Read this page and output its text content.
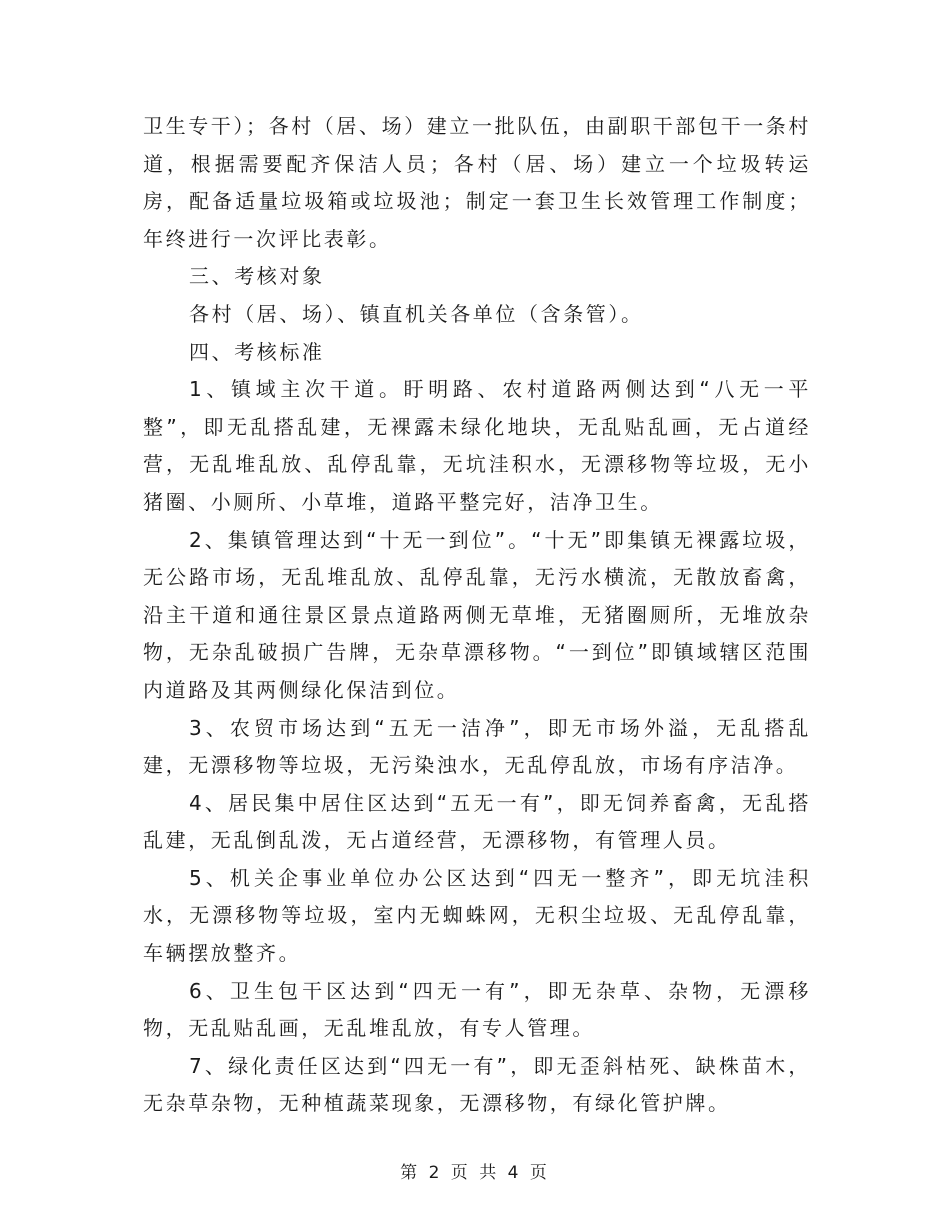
卫生专干）；各村（居、场）建立一批队伍，由副职干部包干一条村道，根据需要配齐保洁人员；各村（居、场）建立一个垃圾转运房，配备适量垃圾箱或垃圾池；制定一套卫生长效管理工作制度；年终进行一次评比表彰。

三、考核对象

各村（居、场）、镇直机关各单位（含条管）。

四、考核标准

1、镇域主次干道。盱明路、农村道路两侧达到“八无一平整”，即无乱搭乱建，无裸露未绿化地块，无乱贴乱画，无占道经营，无乱堆乱放、乱停乱靠，无坑洼积水，无漂移物等垃圾，无小猪圈、小厕所、小草堆，道路平整完好，洁净卫生。

2、集镇管理达到“十无一到位”。“十无”即集镇无裸露垃圾，无公路市场，无乱堆乱放、乱停乱靠，无污水横流，无散放畜禽，沿主干道和通往景区景点道路两侧无草堆，无猪圈厕所，无堆放杂物，无杂乱破损广告牌，无杂草漂移物。“一到位”即镇域辖区范围内道路及其两侧绿化保洁到位。

3、农贸市场达到“五无一洁净”，即无市场外溢，无乱搭乱建，无漂移物等垃圾，无污染浊水，无乱停乱放，市场有序洁净。

4、居民集中居住区达到“五无一有”，即无饲养畜禽，无乱搭乱建，无乱倒乱泼，无占道经营，无漂移物，有管理人员。

5、机关企事业单位办公区达到“四无一整齐”，即无坑洼积水，无漂移物等垃圾，室内无蜘蛛网，无积尘垃圾、无乱停乱靠，车辆摆放整齐。

6、卫生包干区达到“四无一有”，即无杂草、杂物，无漂移物，无乱贴乱画，无乱堆乱放，有专人管理。

7、绿化责任区达到“四无一有”，即无歪斜枯死、缺株苗木，无杂草杂物，无种植蔬菜现象，无漂移物，有绿化管护牌。

第 2 页 共 4 页
